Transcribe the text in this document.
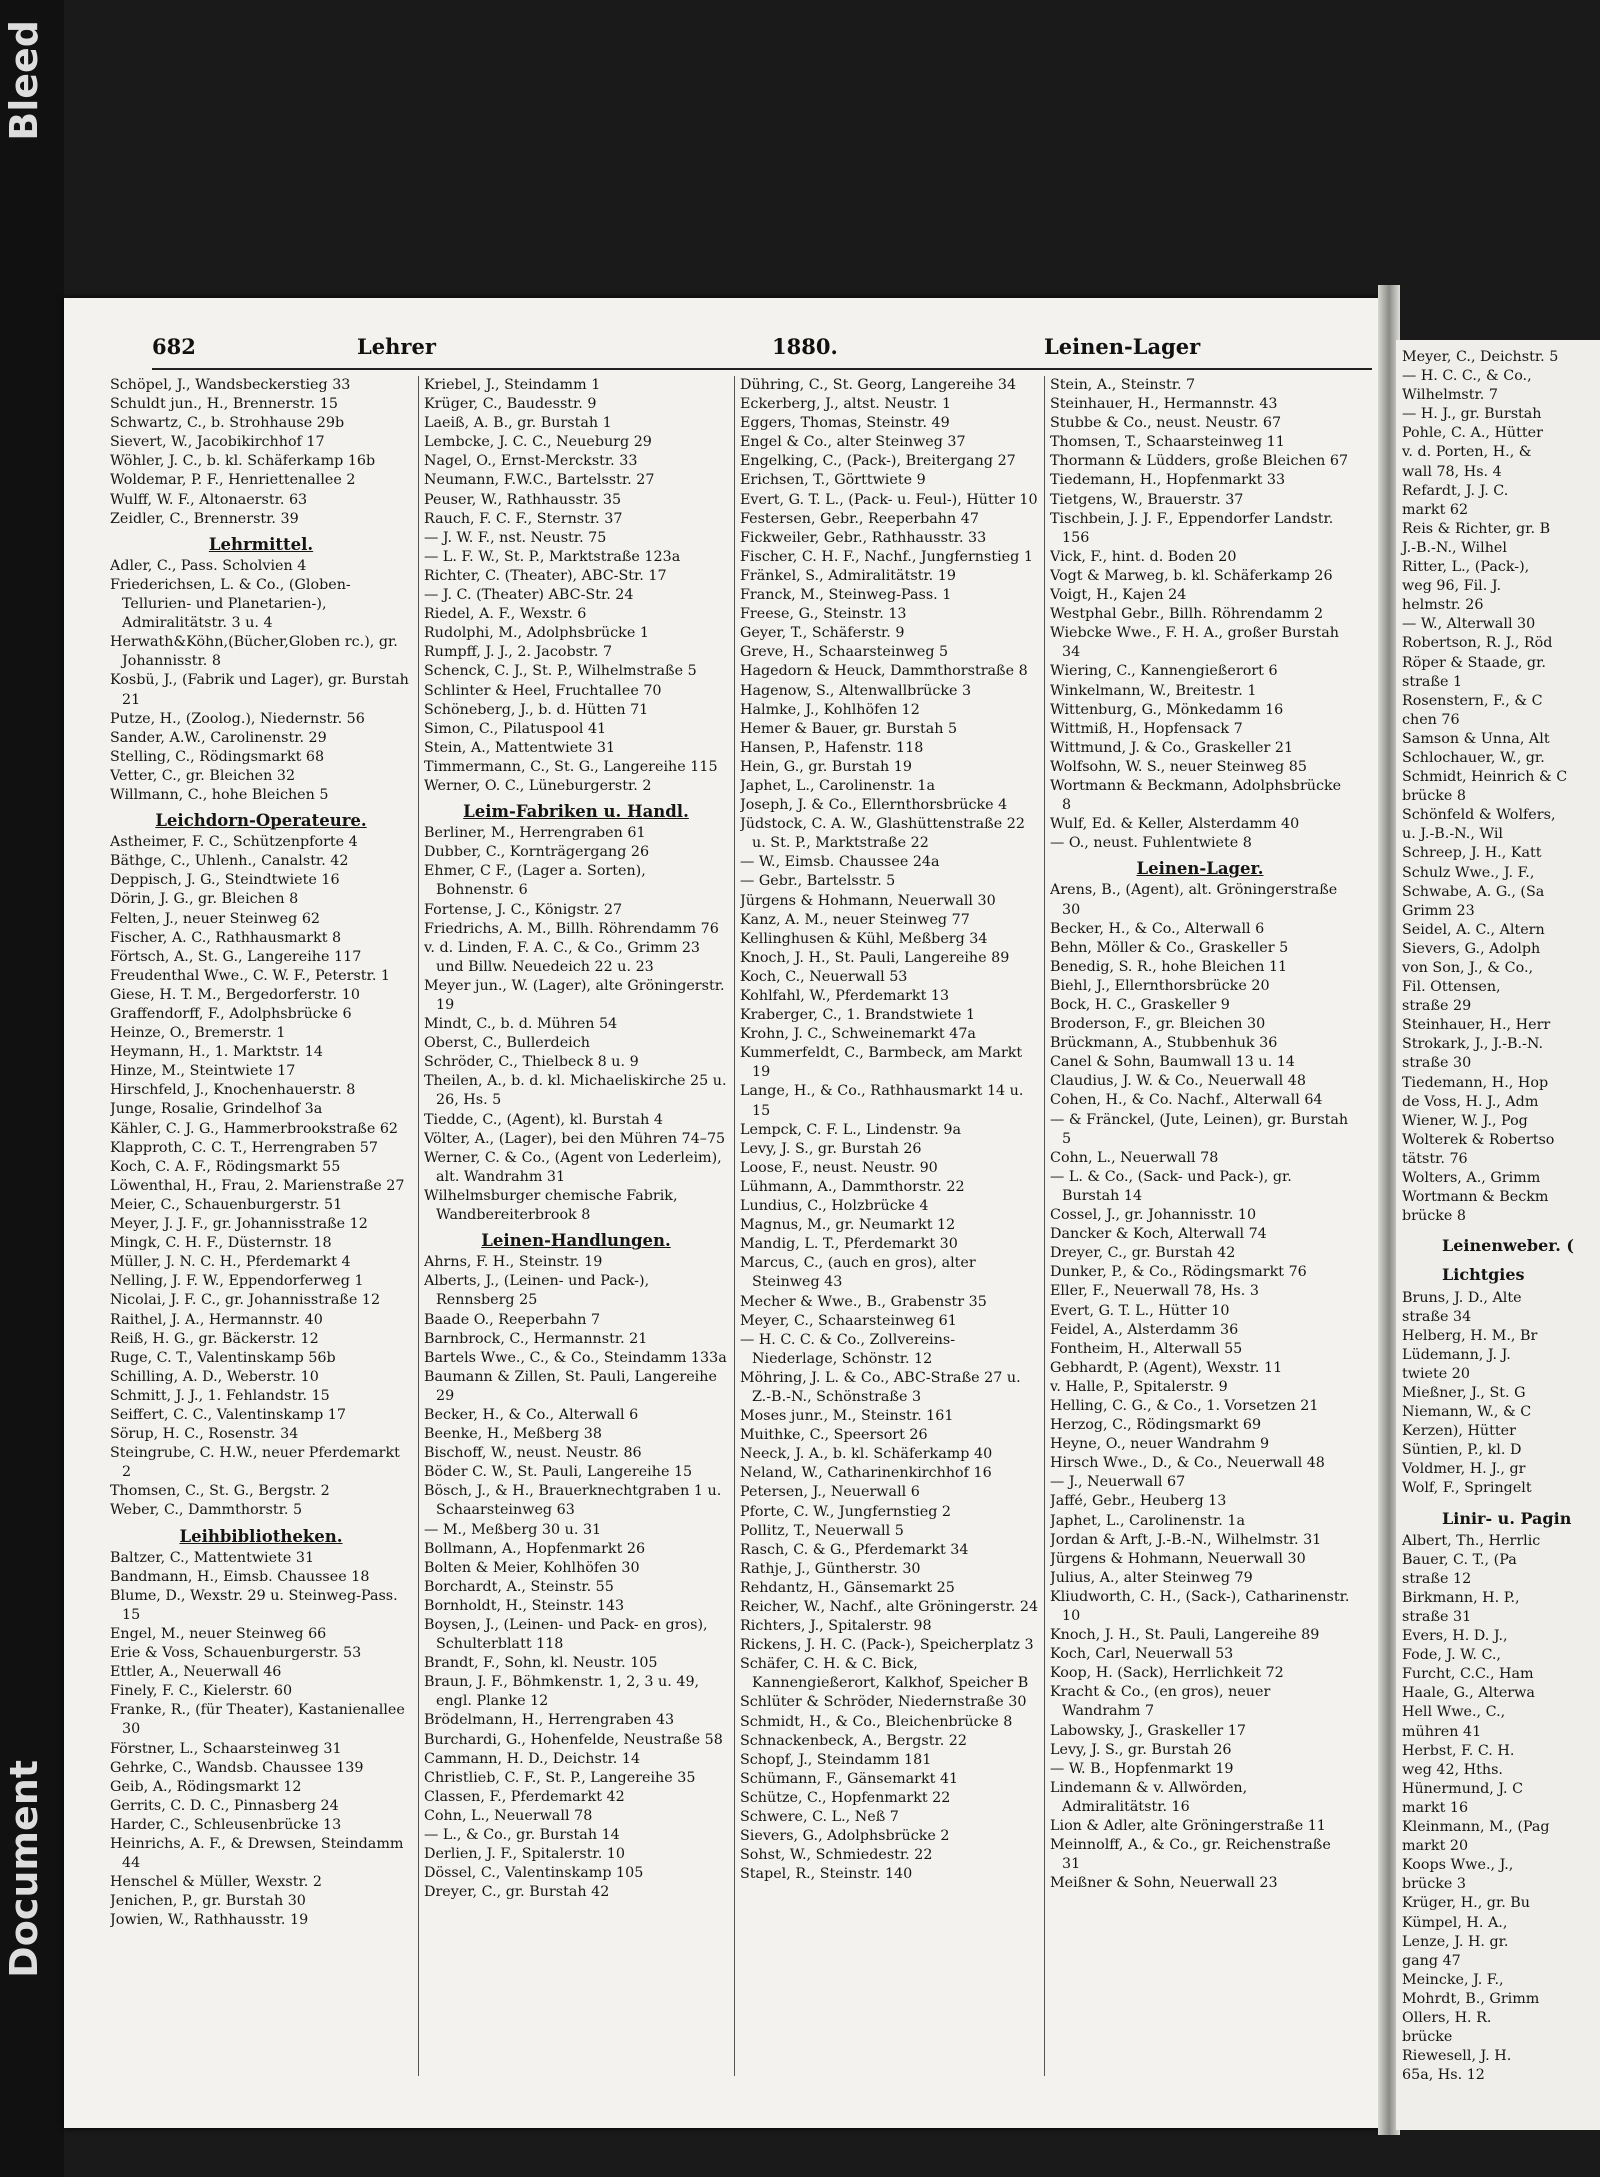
Document
Bleed
682	Lehrer	1880.	Leinen-Lager
Schöpel, J., Wandsbeckerstieg 33
Schuldt jun., H., Brennerstr. 15
Schwartz, C., b. Strohhause 29b
Sievert, W., Jacobikirchhof 17
Wöhler, J. C., b. kl. Schäferkamp 16b
Woldemar, P. F., Henriettenallee 2
Wulff, W. F., Altonaerstr. 63
Zeidler, C., Brennerstr. 39
Lehrmittel.
Adler, C., Pass. Scholvien 4
Friederichsen, L. & Co., (Globen-Tellurien- und Planetarien-), Admiralitätstr. 3 u. 4
Herwath&Köhn,(Bücher,Globen rc.), gr. Johannisstr. 8
Kosbü, J., (Fabrik und Lager), gr. Burstah 21
Putze, H., (Zoolog.), Niedernstr. 56
Sander, A.W., Carolinenstr. 29
Stelling, C., Rödingsmarkt 68
Vetter, C., gr. Bleichen 32
Willmann, C., hohe Bleichen 5
Leichdorn-Operateure.
Astheimer, F. C., Schützenpforte 4
Bäthge, C., Uhlenh., Canalstr. 42
Deppisch, J. G., Steindtwiete 16
Dörin, J. G., gr. Bleichen 8
Felten, J., neuer Steinweg 62
Fischer, A. C., Rathhausmarkt 8
Förtsch, A., St. G., Langereihe 117
Freudenthal Wwe., C. W. F., Peterstr. 1
Giese, H. T. M., Bergedorferstr. 10
Graffendorff, F., Adolphsbrücke 6
Heinze, O., Bremerstr. 1
Heymann, H., 1. Marktstr. 14
Hinze, M., Steintwiete 17
Hirschfeld, J., Knochenhauerstr. 8
Junge, Rosalie, Grindelhof 3a
Kähler, C. J. G., Hammerbrookstraße 62
Klapproth, C. C. T., Herrengraben 57
Koch, C. A. F., Rödingsmarkt 55
Löwenthal, H., Frau, 2. Marienstraße 27
Meier, C., Schauenburgerstr. 51
Meyer, J. J. F., gr. Johannisstraße 12
Mingk, C. H. F., Düsternstr. 18
Müller, J. N. C. H., Pferdemarkt 4
Nelling, J. F. W., Eppendorferweg 1
Nicolai, J. F. C., gr. Johannisstraße 12
Raithel, J. A., Hermannstr. 40
Reiß, H. G., gr. Bäckerstr. 12
Ruge, C. T., Valentinskamp 56b
Schilling, A. D., Weberstr. 10
Schmitt, J. J., 1. Fehlandstr. 15
Seiffert, C. C., Valentinskamp 17
Sörup, H. C., Rosenstr. 34
Steingrube, C. H.W., neuer Pferdemarkt 2
Thomsen, C., St. G., Bergstr. 2
Weber, C., Dammthorstr. 5
Leihbibliotheken.
Baltzer, C., Mattentwiete 31
Bandmann, H., Eimsb. Chaussee 18
Blume, D., Wexstr. 29 u. Steinweg-Pass. 15
Engel, M., neuer Steinweg 66
Erie & Voss, Schauenburgerstr. 53
Ettler, A., Neuerwall 46
Finely, F. C., Kielerstr. 60
Franke, R., (für Theater), Kastanienallee 30
Förstner, L., Schaarsteinweg 31
Gehrke, C., Wandsb. Chaussee 139
Geib, A., Rödingsmarkt 12
Gerrits, C. D. C., Pinnasberg 24
Harder, C., Schleusenbrücke 13
Heinrichs, A. F., & Drewsen, Steindamm 44
Henschel & Müller, Wexstr. 2
Jenichen, P., gr. Burstah 30
Jowien, W., Rathhausstr. 19
Kriebel, J., Steindamm 1
Krüger, C., Baudesstr. 9
Laeiß, A. B., gr. Burstah 1
Lembcke, J. C. C., Neueburg 29
Nagel, O., Ernst-Merckstr. 33
Neumann, F.W.C., Bartelsstr. 27
Peuser, W., Rathhausstr. 35
Rauch, F. C. F., Sternstr. 37
— J. W. F., nst. Neustr. 75
— L. F. W., St. P., Marktstraße 123a
Richter, C. (Theater), ABC-Str. 17
— J. C. (Theater) ABC-Str. 24
Riedel, A. F., Wexstr. 6
Rudolphi, M., Adolphsbrücke 1
Rumpff, J. J., 2. Jacobstr. 7
Schenck, C. J., St. P., Wilhelmstraße 5
Schlinter & Heel, Fruchtallee 70
Schöneberg, J., b. d. Hütten 71
Simon, C., Pilatuspool 41
Stein, A., Mattentwiete 31
Timmermann, C., St. G., Langereihe 115
Werner, O. C., Lüneburgerstr. 2
Leim-Fabriken u. Handl.
Berliner, M., Herrengraben 61
Dubber, C., Kornträgergang 26
Ehmer, C F., (Lager a. Sorten), Bohnenstr. 6
Fortense, J. C., Königstr. 27
Friedrichs, A. M., Billh. Röhrendamm 76
v. d. Linden, F. A. C., & Co., Grimm 23 und Billw. Neuedeich 22 u. 23
Meyer jun., W. (Lager), alte Gröningerstr. 19
Mindt, C., b. d. Mühren 54
Oberst, C., Bullerdeich
Schröder, C., Thielbeck 8 u. 9
Theilen, A., b. d. kl. Michaeliskirche 25 u. 26, Hs. 5
Tiedde, C., (Agent), kl. Burstah 4
Völter, A., (Lager), bei den Mühren 74–75
Werner, C. & Co., (Agent von Lederleim), alt. Wandrahm 31
Wilhelmsburger chemische Fabrik, Wandbereiterbrook 8
Leinen-Handlungen.
Ahrns, F. H., Steinstr. 19
Alberts, J., (Leinen- und Pack-), Rennsberg 25
Baade O., Reeperbahn 7
Barnbrock, C., Hermannstr. 21
Bartels Wwe., C., & Co., Steindamm 133a
Baumann & Zillen, St. Pauli, Langereihe 29
Becker, H., & Co., Alterwall 6
Beenke, H., Meßberg 38
Bischoff, W., neust. Neustr. 86
Böder C. W., St. Pauli, Langereihe 15
Bösch, J., & H., Brauerknechtgraben 1 u. Schaarsteinweg 63
— M., Meßberg 30 u. 31
Bollmann, A., Hopfenmarkt 26
Bolten & Meier, Kohlhöfen 30
Borchardt, A., Steinstr. 55
Bornholdt, H., Steinstr. 143
Boysen, J., (Leinen- und Pack- en gros), Schulterblatt 118
Brandt, F., Sohn, kl. Neustr. 105
Braun, J. F., Böhmkenstr. 1, 2, 3 u. 49, engl. Planke 12
Brödelmann, H., Herrengraben 43
Burchardi, G., Hohenfelde, Neustraße 58
Cammann, H. D., Deichstr. 14
Christlieb, C. F., St. P., Langereihe 35
Classen, F., Pferdemarkt 42
Cohn, L., Neuerwall 78
— L., & Co., gr. Burstah 14
Derlien, J. F., Spitalerstr. 10
Dössel, C., Valentinskamp 105
Dreyer, C., gr. Burstah 42
Dühring, C., St. Georg, Langereihe 34
Eckerberg, J., altst. Neustr. 1
Eggers, Thomas, Steinstr. 49
Engel & Co., alter Steinweg 37
Engelking, C., (Pack-), Breitergang 27
Erichsen, T., Görttwiete 9
Evert, G. T. L., (Pack- u. Feul-), Hütter 10
Festersen, Gebr., Reeperbahn 47
Fickweiler, Gebr., Rathhausstr. 33
Fischer, C. H. F., Nachf., Jungfernstieg 1
Fränkel, S., Admiralitätstr. 19
Franck, M., Steinweg-Pass. 1
Freese, G., Steinstr. 13
Geyer, T., Schäferstr. 9
Greve, H., Schaarsteinweg 5
Hagedorn & Heuck, Dammthorstraße 8
Hagenow, S., Altenwallbrücke 3
Halmke, J., Kohlhöfen 12
Hemer & Bauer, gr. Burstah 5
Hansen, P., Hafenstr. 118
Hein, G., gr. Burstah 19
Japhet, L., Carolinenstr. 1a
Joseph, J. & Co., Ellernthorsbrücke 4
Jüdstock, C. A. W., Glashüttenstraße 22 u. St. P., Marktstraße 22
— W., Eimsb. Chaussee 24a
— Gebr., Bartelsstr. 5
Jürgens & Hohmann, Neuerwall 30
Kanz, A. M., neuer Steinweg 77
Kellinghusen & Kühl, Meßberg 34
Knoch, J. H., St. Pauli, Langereihe 89
Koch, C., Neuerwall 53
Kohlfahl, W., Pferdemarkt 13
Kraberger, C., 1. Brandstwiete 1
Krohn, J. C., Schweinemarkt 47a
Kummerfeldt, C., Barmbeck, am Markt 19
Lange, H., & Co., Rathhausmarkt 14 u. 15
Lempck, C. F. L., Lindenstr. 9a
Levy, J. S., gr. Burstah 26
Loose, F., neust. Neustr. 90
Lühmann, A., Dammthorstr. 22
Lundius, C., Holzbrücke 4
Magnus, M., gr. Neumarkt 12
Mandig, L. T., Pferdemarkt 30
Marcus, C., (auch en gros), alter Steinweg 43
Mecher & Wwe., B., Grabenstr 35
Meyer, C., Schaarsteinweg 61
— H. C. C. & Co., Zollvereins-Niederlage, Schönstr. 12
Möhring, J. L. & Co., ABC-Straße 27 u. Z.-B.-N., Schönstraße 3
Moses junr., M., Steinstr. 161
Muithke, C., Speersort 26
Neeck, J. A., b. kl. Schäferkamp 40
Neland, W., Catharinenkirchhof 16
Petersen, J., Neuerwall 6
Pforte, C. W., Jungfernstieg 2
Pollitz, T., Neuerwall 5
Rasch, C. & G., Pferdemarkt 34
Rathje, J., Güntherstr. 30
Rehdantz, H., Gänsemarkt 25
Reicher, W., Nachf., alte Gröningerstr. 24
Richters, J., Spitalerstr. 98
Rickens, J. H. C. (Pack-), Speicherplatz 3
Schäfer, C. H. & C. Bick, Kannengießerort, Kalkhof, Speicher B
Schlüter & Schröder, Niedernstraße 30
Schmidt, H., & Co., Bleichenbrücke 8
Schnackenbeck, A., Bergstr. 22
Schopf, J., Steindamm 181
Schümann, F., Gänsemarkt 41
Schütze, C., Hopfenmarkt 22
Schwere, C. L., Neß 7
Sievers, G., Adolphsbrücke 2
Sohst, W., Schmiedestr. 22
Stapel, R., Steinstr. 140
Stein, A., Steinstr. 7
Steinhauer, H., Hermannstr. 43
Stubbe & Co., neust. Neustr. 67
Thomsen, T., Schaarsteinweg 11
Thormann & Lüdders, große Bleichen 67
Tiedemann, H., Hopfenmarkt 33
Tietgens, W., Brauerstr. 37
Tischbein, J. J. F., Eppendorfer Landstr. 156
Vick, F., hint. d. Boden 20
Vogt & Marweg, b. kl. Schäferkamp 26
Voigt, H., Kajen 24
Westphal Gebr., Billh. Röhrendamm 2
Wiebcke Wwe., F. H. A., großer Burstah 34
Wiering, C., Kannengießerort 6
Winkelmann, W., Breitestr. 1
Wittenburg, G., Mönkedamm 16
Wittmiß, H., Hopfensack 7
Wittmund, J. & Co., Graskeller 21
Wolfsohn, W. S., neuer Steinweg 85
Wortmann & Beckmann, Adolphsbrücke 8
Wulf, Ed. & Keller, Alsterdamm 40
— O., neust. Fuhlentwiete 8
Leinen-Lager.
Arens, B., (Agent), alt. Gröningerstraße 30
Becker, H., & Co., Alterwall 6
Behn, Möller & Co., Graskeller 5
Benedig, S. R., hohe Bleichen 11
Biehl, J., Ellernthorsbrücke 20
Bock, H. C., Graskeller 9
Broderson, F., gr. Bleichen 30
Brückmann, A., Stubbenhuk 36
Canel & Sohn, Baumwall 13 u. 14
Claudius, J. W. & Co., Neuerwall 48
Cohen, H., & Co. Nachf., Alterwall 64
— & Fränckel, (Jute, Leinen), gr. Burstah 5
Cohn, L., Neuerwall 78
— L. & Co., (Sack- und Pack-), gr. Burstah 14
Cossel, J., gr. Johannisstr. 10
Dancker & Koch, Alterwall 74
Dreyer, C., gr. Burstah 42
Dunker, P., & Co., Rödingsmarkt 76
Eller, F., Neuerwall 78, Hs. 3
Evert, G. T. L., Hütter 10
Feidel, A., Alsterdamm 36
Fontheim, H., Alterwall 55
Gebhardt, P. (Agent), Wexstr. 11
v. Halle, P., Spitalerstr. 9
Helling, C. G., & Co., 1. Vorsetzen 21
Herzog, C., Rödingsmarkt 69
Heyne, O., neuer Wandrahm 9
Hirsch Wwe., D., & Co., Neuerwall 48
— J., Neuerwall 67
Jaffé, Gebr., Heuberg 13
Japhet, L., Carolinenstr. 1a
Jordan & Arft, J.-B.-N., Wilhelmstr. 31
Jürgens & Hohmann, Neuerwall 30
Julius, A., alter Steinweg 79
Kliudworth, C. H., (Sack-), Catharinenstr. 10
Knoch, J. H., St. Pauli, Langereihe 89
Koch, Carl, Neuerwall 53
Koop, H. (Sack), Herrlichkeit 72
Kracht & Co., (en gros), neuer Wandrahm 7
Labowsky, J., Graskeller 17
Levy, J. S., gr. Burstah 26
— W. B., Hopfenmarkt 19
Lindemann & v. Allwörden, Admiralitätstr. 16
Lion & Adler, alte Gröningerstraße 11
Meinnolff, A., & Co., gr. Reichenstraße 31
Meißner & Sohn, Neuerwall 23
Meyer, C., Deichstr. 5
— H. C. C., & Co.,
Wilhelmstr. 7
— H. J., gr. Burstah
Pohle, C. A., Hütter
v. d. Porten, H., &
wall 78, Hs. 4
Refardt, J. J. C.
markt 62
Reis & Richter, gr. B
J.-B.-N., Wilhel
Ritter, L., (Pack-),
weg 96, Fil. J.
helmstr. 26
— W., Alterwall 30
Robertson, R. J., Röd
Röper & Staade, gr.
straße 1
Rosenstern, F., & C
chen 76
Samson & Unna, Alt
Schlochauer, W., gr.
Schmidt, Heinrich & C
brücke 8
Schönfeld & Wolfers,
u. J.-B.-N., Wil
Schreep, J. H., Katt
Schulz Wwe., J. F.,
Schwabe, A. G., (Sa
Grimm 23
Seidel, A. C., Altern
Sievers, G., Adolph
von Son, J., & Co.,
Fil. Ottensen,
straße 29
Steinhauer, H., Herr
Strokark, J., J.-B.-N.
straße 30
Tiedemann, H., Hop
de Voss, H. J., Adm
Wiener, W. J., Pog
Wolterek & Robertso
tätstr. 76
Wolters, A., Grimm
Wortmann & Beckm
brücke 8
Leinenweber. (
Lichtgies
Bruns, J. D., Alte
straße 34
Helberg, H. M., Br
Lüdemann, J. J.
twiete 20
Mießner, J., St. G
Niemann, W., & C
Kerzen), Hütter
Süntien, P., kl. D
Voldmer, H. J., gr
Wolf, F., Springelt
Linir- u. Pagin
Albert, Th., Herrlic
Bauer, C. T., (Pa
straße 12
Birkmann, H. P.,
straße 31
Evers, H. D. J.,
Fode, J. W. C.,
Furcht, C.C., Ham
Haale, G., Alterwa
Hell Wwe., C.,
mühren 41
Herbst, F. C. H.
weg 42, Hths.
Hünermund, J. C
markt 16
Kleinmann, M., (Pag
markt 20
Koops Wwe., J.,
brücke 3
Krüger, H., gr. Bu
Kümpel, H. A.,
Lenze, J. H. gr.
gang 47
Meincke, J. F.,
Mohrdt, B., Grimm
Ollers, H. R.
brücke
Riewesell, J. H.
65a, Hs. 12
